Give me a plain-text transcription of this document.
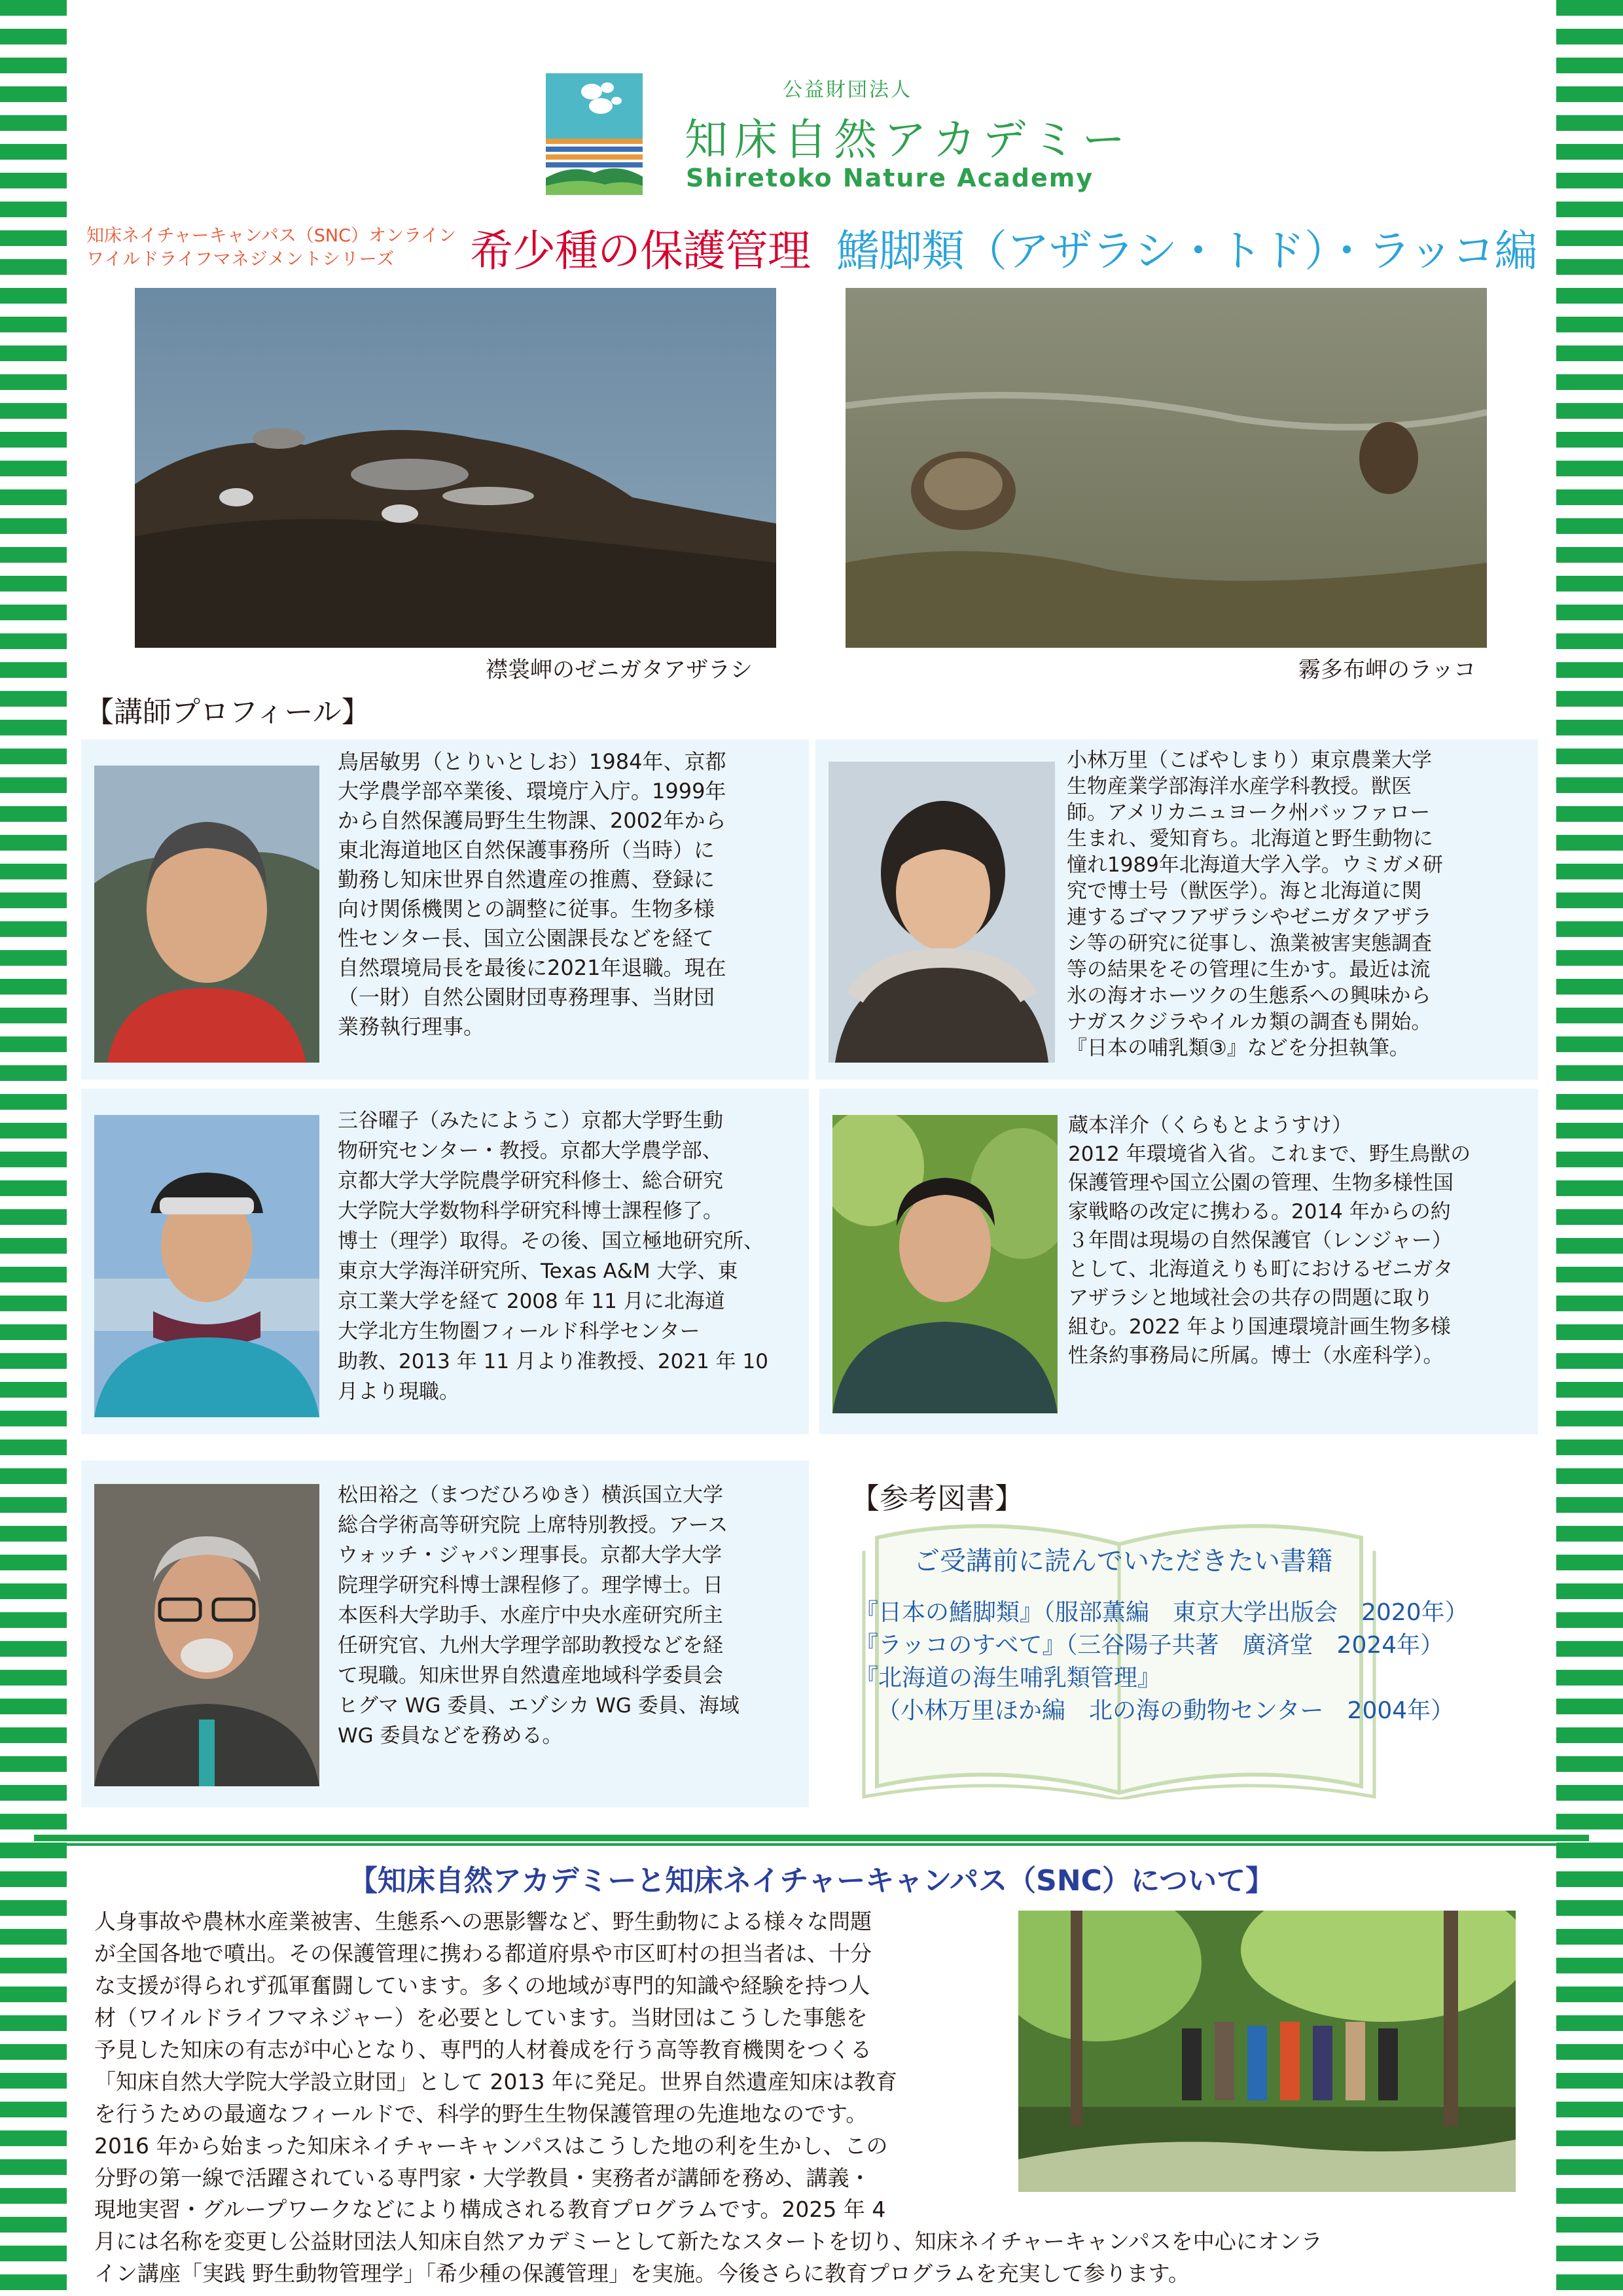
公益財団法人
知床自然アカデミー
Shiretoko Nature Academy
知床ネイチャーキャンパス（SNC）オンライン
ワイルドライフマネジメントシリーズ 希少種の保護管理 鰭脚類（アザラシ・トド）・ラッコ編
襟裳岬のゼニガタアザラシ	霧多布岬のラッコ
【講師プロフィール】
鳥居敏男（とりいとしお）1984年、京都
大学農学部卒業後、環境庁入庁。1999年
から自然保護局野生生物課、2002年から
東北海道地区自然保護事務所（当時）に
勤務し知床世界自然遺産の推薦、登録に
向け関係機関との調整に従事。生物多様
性センター長、国立公園課長などを経て
自然環境局長を最後に2021年退職。現在
（一財）自然公園財団専務理事、当財団
業務執行理事。
小林万里（こばやしまり）東京農業大学
生物産業学部海洋水産学科教授。獣医
師。アメリカニュヨーク州バッファロー
生まれ、愛知育ち。北海道と野生動物に
憧れ1989年北海道大学入学。ウミガメ研
究で博士号（獣医学）。海と北海道に関
連するゴマフアザラシやゼニガタアザラ
シ等の研究に従事し、漁業被害実態調査
等の結果をその管理に生かす。最近は流
氷の海オホーツクの生態系への興味から
ナガスクジラやイルカ類の調査も開始。
『日本の哺乳類③』などを分担執筆。
三谷曜子（みたにようこ）京都大学野生動
物研究センター・教授。京都大学農学部、
京都大学大学院農学研究科修士、総合研究
大学院大学数物科学研究科博士課程修了。
博士（理学）取得。その後、国立極地研究所、
東京大学海洋研究所、Texas A&M 大学、東
京工業大学を経て 2008 年 11 月に北海道
大学北方生物圏フィールド科学センター
助教、2013 年 11 月より准教授、2021 年 10
月より現職。
蔵本洋介（くらもとようすけ）
2012 年環境省入省。これまで、野生鳥獣の
保護管理や国立公園の管理、生物多様性国
家戦略の改定に携わる。2014 年からの約
３年間は現場の自然保護官（レンジャー）
として、北海道えりも町におけるゼニガタ
アザラシと地域社会の共存の問題に取り
組む。2022 年より国連環境計画生物多様
性条約事務局に所属。博士（水産科学）。
松田裕之（まつだひろゆき）横浜国立大学
総合学術高等研究院 上席特別教授。アース
ウォッチ・ジャパン理事長。京都大学大学
院理学研究科博士課程修了。理学博士。日
本医科大学助手、水産庁中央水産研究所主
任研究官、九州大学理学部助教授などを経
て現職。知床世界自然遺産地域科学委員会
ヒグマ WG 委員、エゾシカ WG 委員、海域
WG 委員などを務める。
【参考図書】
ご受講前に読んでいただきたい書籍
『日本の鰭脚類』（服部薫編　東京大学出版会　2020年）
『ラッコのすべて』（三谷陽子共著　廣済堂　2024年）
『北海道の海生哺乳類管理』
（小林万里ほか編　北の海の動物センター　2004年）
【知床自然アカデミーと知床ネイチャーキャンパス（SNC）について】
人身事故や農林水産業被害、生態系への悪影響など、野生動物による様々な問題
が全国各地で噴出。その保護管理に携わる都道府県や市区町村の担当者は、十分
な支援が得られず孤軍奮闘しています。多くの地域が専門的知識や経験を持つ人
材（ワイルドライフマネジャー）を必要としています。当財団はこうした事態を
予見した知床の有志が中心となり、専門的人材養成を行う高等教育機関をつくる
「知床自然大学院大学設立財団」として 2013 年に発足。世界自然遺産知床は教育
を行うための最適なフィールドで、科学的野生生物保護管理の先進地なのです。
2016 年から始まった知床ネイチャーキャンパスはこうした地の利を生かし、この
分野の第一線で活躍されている専門家・大学教員・実務者が講師を務め、講義・
現地実習・グループワークなどにより構成される教育プログラムです。2025 年 4
月には名称を変更し公益財団法人知床自然アカデミーとして新たなスタートを切り、知床ネイチャーキャンパスを中心にオンラ
イン講座「実践 野生動物管理学」「希少種の保護管理」を実施。今後さらに教育プログラムを充実して参ります。
